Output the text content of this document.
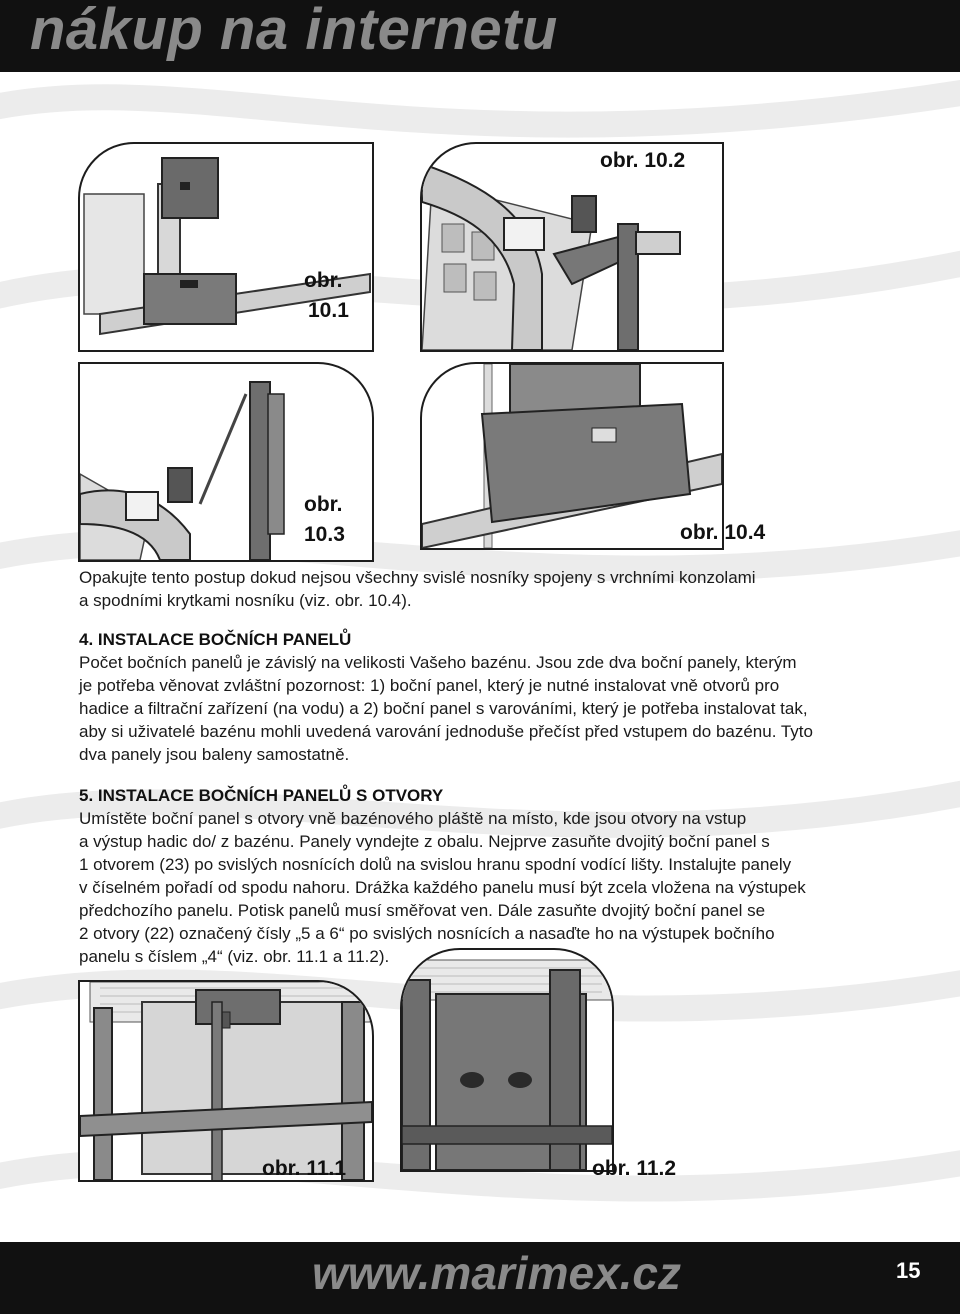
nákup na internetu
obr.
10.1
obr. 10.2
obr.
10.3	obr. 10.4
Opakujte tento postup dokud nejsou všechny svislé nosníky spojeny s vrchními konzolami
a spodními krytkami nosníku (viz. obr. 10.4).
4. INSTALACE BOČNÍCH PANELŮ
Počet bočních panelů je závislý na velikosti Vašeho bazénu. Jsou zde dva boční panely, kterým
je potřeba věnovat zvláštní pozornost: 1) boční panel, který je nutné instalovat vně otvorů pro
hadice a filtrační zařízení (na vodu) a 2) boční panel s varováními, který je potřeba instalovat tak,
aby si uživatelé bazénu mohli uvedená varování jednoduše přečíst před vstupem do bazénu. Tyto
dva panely jsou baleny samostatně.
5. INSTALACE BOČNÍCH PANELŮ S OTVORY
Umístěte boční panel s otvory vně bazénového pláště na místo, kde jsou otvory na vstup
a výstup hadic do/ z bazénu. Panely vyndejte z obalu. Nejprve zasuňte dvojitý boční panel s
1 otvorem (23) po svislých nosnících dolů na svislou hranu spodní vodící lišty. Instalujte panely
v číselném pořadí od spodu nahoru. Drážka každého panelu musí být zcela vložena na výstupek
předchozího panelu. Potisk panelů musí směřovat ven. Dále zasuňte dvojitý boční panel se
2 otvory (22) označený čísly „5 a 6“ po svislých nosnících a nasaďte ho na výstupek bočního
panelu s číslem „4“ (viz. obr. 11.1 a 11.2).
obr. 11.1	obr. 11.2
www.marimex.cz	15
